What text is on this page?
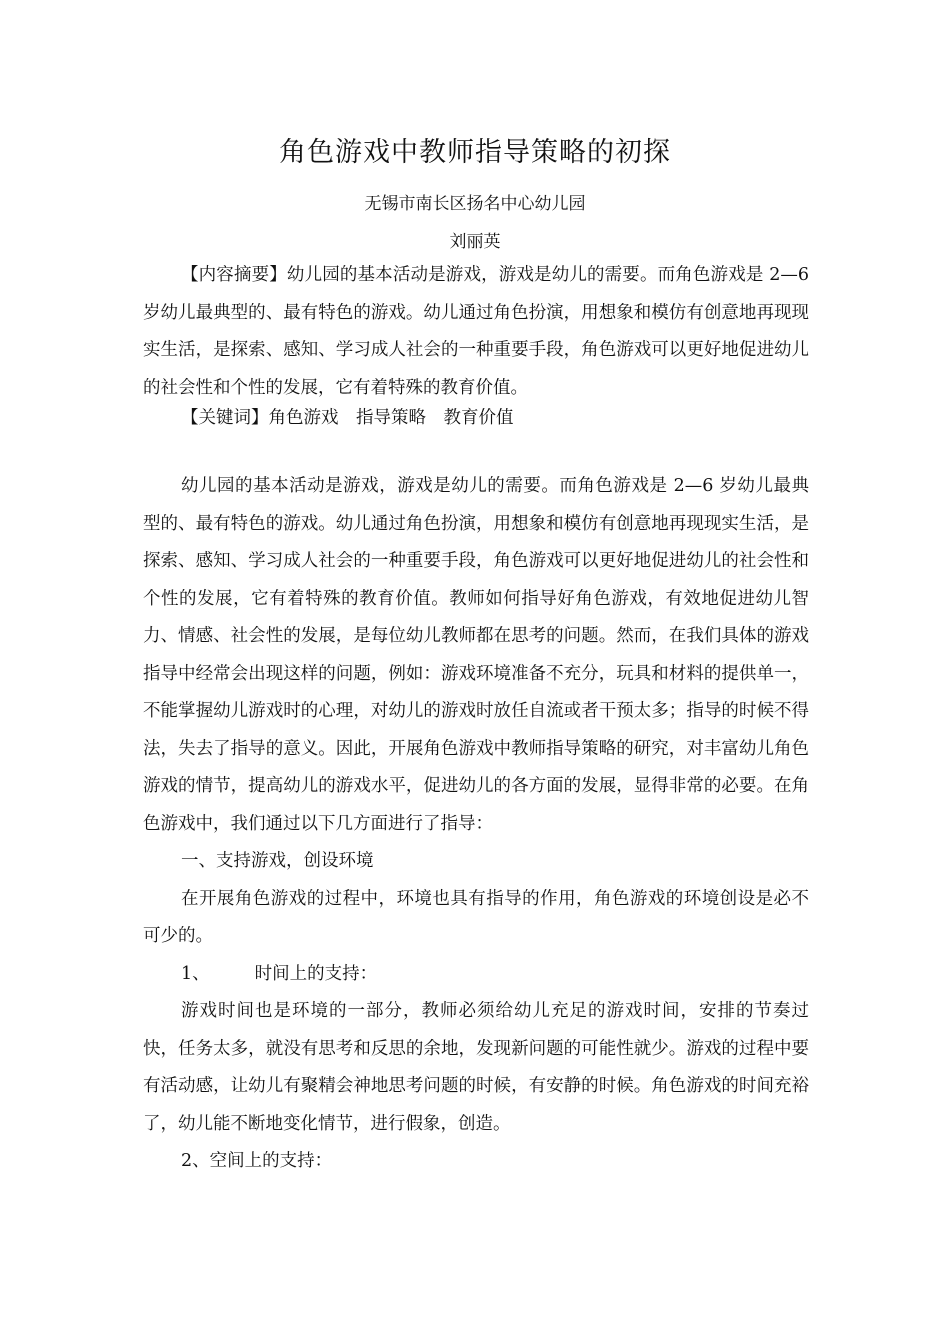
角色游戏中教师指导策略的初探
无锡市南长区扬名中心幼儿园
刘丽英

【内容摘要】幼儿园的基本活动是游戏，游戏是幼儿的需要。而角色游戏是 2—6 岁幼儿最典型的、最有特色的游戏。幼儿通过角色扮演，用想象和模仿有创意地再现现实生活，是探索、感知、学习成人社会的一种重要手段，角色游戏可以更好地促进幼儿的社会性和个性的发展，它有着特殊的教育价值。

【关键词】角色游戏　指导策略　教育价值

幼儿园的基本活动是游戏，游戏是幼儿的需要。而角色游戏是 2—6 岁幼儿最典型的、最有特色的游戏。幼儿通过角色扮演，用想象和模仿有创意地再现现实生活，是探索、感知、学习成人社会的一种重要手段，角色游戏可以更好地促进幼儿的社会性和个性的发展，它有着特殊的教育价值。教师如何指导好角色游戏，有效地促进幼儿智力、情感、社会性的发展，是每位幼儿教师都在思考的问题。然而，在我们具体的游戏指导中经常会出现这样的问题，例如：游戏环境准备不充分，玩具和材料的提供单一，不能掌握幼儿游戏时的心理，对幼儿的游戏时放任自流或者干预太多；指导的时候不得法，失去了指导的意义。因此，开展角色游戏中教师指导策略的研究，对丰富幼儿角色游戏的情节，提高幼儿的游戏水平，促进幼儿的各方面的发展，显得非常的必要。在角色游戏中，我们通过以下几方面进行了指导：

一、支持游戏，创设环境

在开展角色游戏的过程中，环境也具有指导的作用，角色游戏的环境创设是必不可少的。

1、	时间上的支持：

游戏时间也是环境的一部分，教师必须给幼儿充足的游戏时间，安排的节奏过快，任务太多，就没有思考和反思的余地，发现新问题的可能性就少。游戏的过程中要有活动感，让幼儿有聚精会神地思考问题的时候，有安静的时候。角色游戏的时间充裕了，幼儿能不断地变化情节，进行假象，创造。

2、空间上的支持：
